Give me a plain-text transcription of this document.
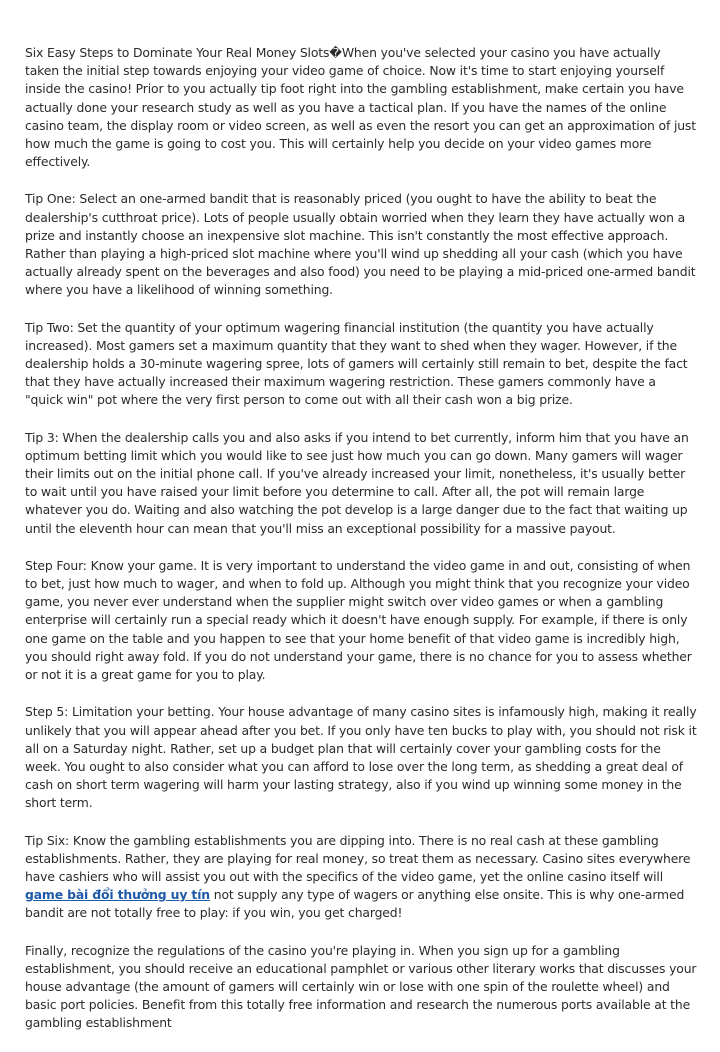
Six Easy Steps to Dominate Your Real Money Slots�When you've selected your casino you have actually taken the initial step towards enjoying your video game of choice. Now it's time to start enjoying yourself inside the casino! Prior to you actually tip foot right into the gambling establishment, make certain you have actually done your research study as well as you have a tactical plan. If you have the names of the online casino team, the display room or video screen, as well as even the resort you can get an approximation of just how much the game is going to cost you. This will certainly help you decide on your video games more effectively.

Tip One: Select an one-armed bandit that is reasonably priced (you ought to have the ability to beat the dealership's cutthroat price). Lots of people usually obtain worried when they learn they have actually won a prize and instantly choose an inexpensive slot machine. This isn't constantly the most effective approach. Rather than playing a high-priced slot machine where you'll wind up shedding all your cash (which you have actually already spent on the beverages and also food) you need to be playing a mid-priced one-armed bandit where you have a likelihood of winning something.

Tip Two: Set the quantity of your optimum wagering financial institution (the quantity you have actually increased). Most gamers set a maximum quantity that they want to shed when they wager. However, if the dealership holds a 30-minute wagering spree, lots of gamers will certainly still remain to bet, despite the fact that they have actually increased their maximum wagering restriction. These gamers commonly have a "quick win" pot where the very first person to come out with all their cash won a big prize.

Tip 3: When the dealership calls you and also asks if you intend to bet currently, inform him that you have an optimum betting limit which you would like to see just how much you can go down. Many gamers will wager their limits out on the initial phone call. If you've already increased your limit, nonetheless, it's usually better to wait until you have raised your limit before you determine to call. After all, the pot will remain large whatever you do. Waiting and also watching the pot develop is a large danger due to the fact that waiting up until the eleventh hour can mean that you'll miss an exceptional possibility for a massive payout.

Step Four: Know your game. It is very important to understand the video game in and out, consisting of when to bet, just how much to wager, and when to fold up. Although you might think that you recognize your video game, you never ever understand when the supplier might switch over video games or when a gambling enterprise will certainly run a special ready which it doesn't have enough supply. For example, if there is only one game on the table and you happen to see that your home benefit of that video game is incredibly high, you should right away fold. If you do not understand your game, there is no chance for you to assess whether or not it is a great game for you to play.

Step 5: Limitation your betting. Your house advantage of many casino sites is infamously high, making it really unlikely that you will appear ahead after you bet. If you only have ten bucks to play with, you should not risk it all on a Saturday night. Rather, set up a budget plan that will certainly cover your gambling costs for the week. You ought to also consider what you can afford to lose over the long term, as shedding a great deal of cash on short term wagering will harm your lasting strategy, also if you wind up winning some money in the short term.

Tip Six: Know the gambling establishments you are dipping into. There is no real cash at these gambling establishments. Rather, they are playing for real money, so treat them as necessary. Casino sites everywhere have cashiers who will assist you out with the specifics of the video game, yet the online casino itself will game bài đổi thưởng uy tín not supply any type of wagers or anything else onsite. This is why one-armed bandit are not totally free to play: if you win, you get charged!

Finally, recognize the regulations of the casino you're playing in. When you sign up for a gambling establishment, you should receive an educational pamphlet or various other literary works that discusses your house advantage (the amount of gamers will certainly win or lose with one spin of the roulette wheel) and basic port policies. Benefit from this totally free information and research the numerous ports available at the gambling establishment
